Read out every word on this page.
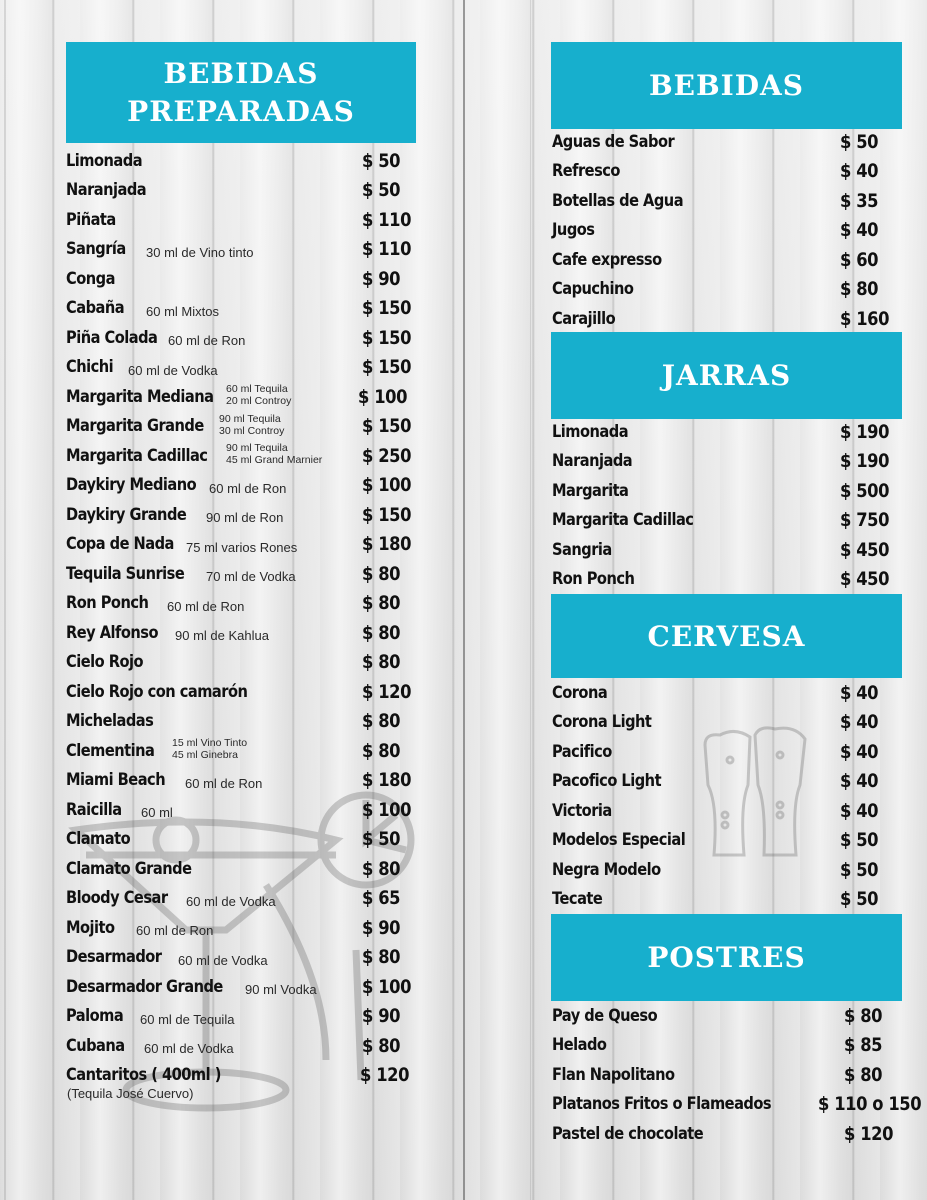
BEBIDAS
PREPARADAS
Limonada	$ 50
Naranjada	$ 50
Piñata	$ 110
Sangría 30 ml de Vino tinto	$ 110
Conga	$ 90
Cabaña 60 ml Mixtos	$ 150
Piña Colada 60 ml de Ron	$ 150
Chichi 60 ml de Vodka	$ 150
Margarita Mediana 60 ml Tequila
20 ml Controy	$ 100
Margarita Grande 90 ml Tequila
30 ml Controy	$ 150
Margarita Cadillac 90 ml Tequila
45 ml Grand Marnier $ 250
Daykiry Mediano 60 ml de Ron	$ 100
Daykiry Grande 90 ml de Ron	$ 150
Copa de Nada 75 ml varios Rones	$ 180
Tequila Sunrise 70 ml de Vodka	$ 80
Ron Ponch 60 ml de Ron	$ 80
Rey Alfonso 90 ml de Kahlua	$ 80
Cielo Rojo	$ 80
Cielo Rojo con camarón	$ 120
Micheladas	$ 80
Clementina 15 ml Vino Tinto
45 ml Ginebra	$ 80
Miami Beach 60 ml de Ron	$ 180
Raicilla 60 ml	$ 100
Clamato	$ 50
Clamato Grande	$ 80
Bloody Cesar 60 ml de Vodka	$ 65
Mojito 60 ml de Ron	$ 90
Desarmador 60 ml de Vodka	$ 80
Desarmador Grande 90 ml Vodka $ 100
Paloma 60 ml de Tequila	$ 90
Cubana 60 ml de Vodka	$ 80
Cantaritos ( 400ml )	$ 120
(Tequila José Cuervo)
BEBIDAS
Aguas de Sabor	$ 50
Refresco	$ 40
Botellas de Agua	$ 35
Jugos	$ 40
Cafe expresso	$ 60
Capuchino	$ 80
Carajillo	$ 160
JARRAS
Limonada	$ 190
Naranjada	$ 190
Margarita	$ 500
Margarita Cadillac	$ 750
Sangria	$ 450
Ron Ponch	$ 450
CERVESA
Corona	$ 40
Corona Light	$ 40
Pacifico	$ 40
Pacofico Light	$ 40
Victoria	$ 40
Modelos Especial	$ 50
Negra Modelo	$ 50
Tecate	$ 50
POSTRES
Pay de Queso	$ 80
Helado	$ 85
Flan Napolitano	$ 80
Platanos Fritos o Flameados $ 110 o 150
Pastel de chocolate	$ 120
